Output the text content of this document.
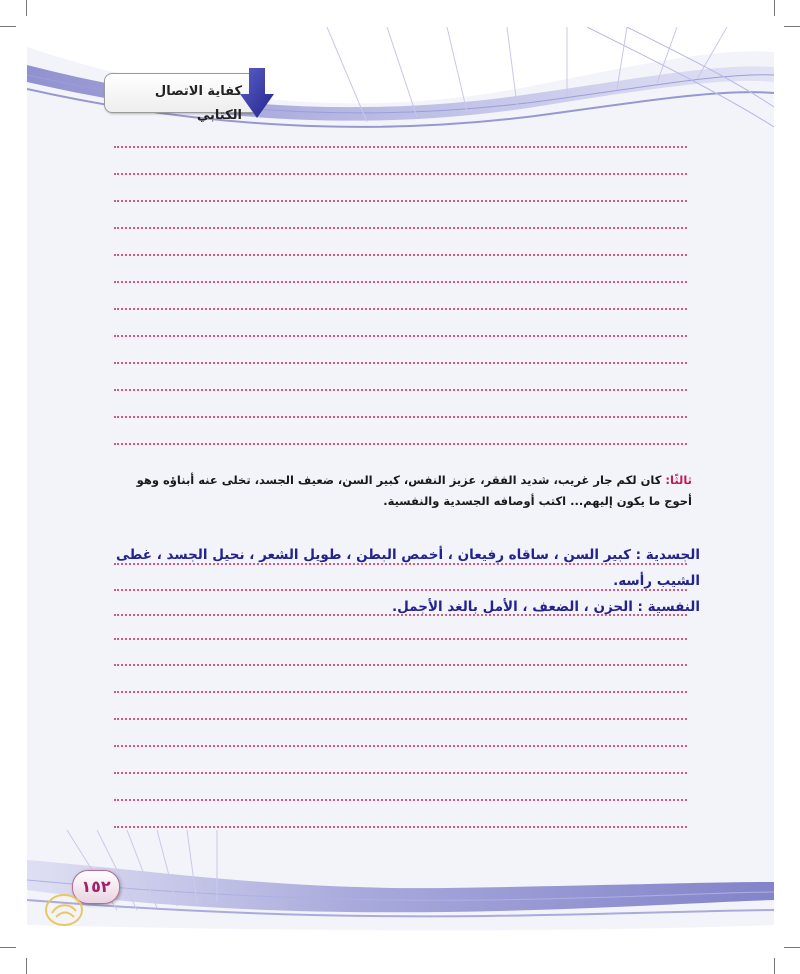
كفاية الاتصال الكتابي
ثالثًا: كان لكم جار غريب، شديد الفقر، عزيز النفس، كبير السن، ضعيف الجسد، تخلى عنه أبناؤه وهو أحوج ما يكون إليهم... اكتب أوصافه الجسدية والنفسية.
الجسدية : كبير السن ، ساقاه رفيعان ، أخمص البطن ، طويل الشعر ، نحيل الجسد ، غطى
الشيب رأسه.
النفسية : الحزن ، الضعف ، الأمل بالغد الأجمل.
١٥٢
